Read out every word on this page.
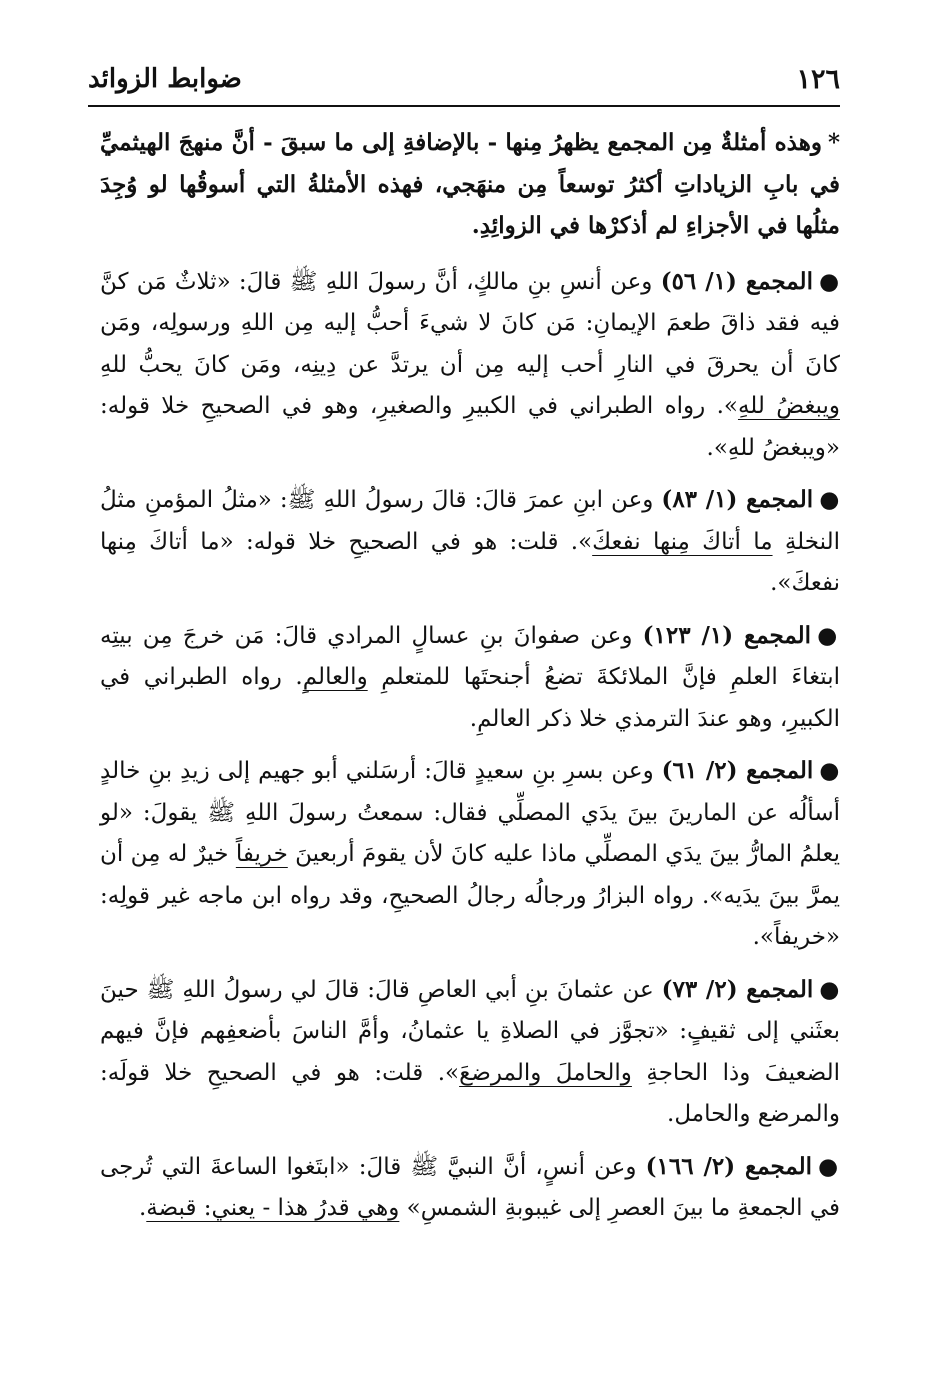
١٢٦
ضوابط الزوائد

*وهذه أمثلةٌ مِن المجمع يظهرُ مِنها - بالإضافةِ إلى ما سبقَ - أنَّ منهجَ الهيثميِّ في بابِ الزياداتِ أكثرُ توسعاً مِن منهَجي، فهذه الأمثلةُ التي أسوقُها لو وُجِدَ مثلُها في الأجزاءِ لم أذكرْها في الزوائِدِ.

●المجمع (١/ ٥٦) وعن أنسِ بنِ مالكٍ، أنَّ رسولَ اللهِ ﷺ قالَ: «ثلاثٌ مَن كنَّ فيه فقد ذاقَ طعمَ الإيمانِ: مَن كانَ لا شيءَ أحبُّ إليه مِن اللهِ ورسولِه، ومَن كانَ أن يحرقَ في النارِ أحب إليه مِن أن يرتدَّ عن دِينِه، ومَن كانَ يحبُّ للهِ ويبغضُ للهِ». رواه الطبراني في الكبيرِ والصغيرِ، وهو في الصحيحِ خلا قوله: «ويبغضُ للهِ».

●المجمع (١/ ٨٣) وعن ابنِ عمرَ قالَ: قالَ رسولُ اللهِ ﷺ: «مثلُ المؤمنِ مثلُ النخلةِ ما أتاكَ مِنها نفعكَ». قلت: هو في الصحيحِ خلا قوله: «ما أتاكَ مِنها نفعكَ».

●المجمع (١/ ١٢٣) وعن صفوانَ بنِ عسالٍ المرادي قالَ: مَن خرجَ مِن بيتِه ابتغاءَ العلمِ فإنَّ الملائكةَ تضعُ أجنحتَها للمتعلمِ والعالمِ. رواه الطبراني في الكبيرِ، وهو عندَ الترمذي خلا ذكر العالمِ.

●المجمع (٢/ ٦١) وعن بسرِ بنِ سعيدٍ قالَ: أرسَلني أبو جهيم إلى زيدِ بنِ خالدٍ أسألُه عن المارينَ بينَ يدَي المصلِّي فقال: سمعتُ رسولَ اللهِ ﷺ يقولَ: «لو يعلمُ المارُّ بينَ يدَي المصلِّي ماذا عليه كانَ لأن يقومَ أربعينَ خريفاً خيرٌ له مِن أن يمرَّ بينَ يدَيه». رواه البزارُ ورجالُه رجالُ الصحيحِ، وقد رواه ابن ماجه غير قولِه: «خريفاً».

●المجمع (٢/ ٧٣) عن عثمانَ بنِ أبي العاصِ قالَ: قالَ لي رسولُ اللهِ ﷺ حينَ بعثَني إلى ثقيفٍ: «تجوَّز في الصلاةِ يا عثمانُ، وأمَّ الناسَ بأضعفِهم فإنَّ فيهم الضعيفَ وذا الحاجةِ والحاملَ والمرضعَ». قلت: هو في الصحيحِ خلا قولَه: والمرضع والحامل.

●المجمع (٢/ ١٦٦) وعن أنسٍ، أنَّ النبيَّ ﷺ قالَ: «ابتَغوا الساعةَ التي تُرجى في الجمعةِ ما بينَ العصرِ إلى غيبوبةِ الشمسِ» وهي قدرُ هذا - يعني: قبضة.
